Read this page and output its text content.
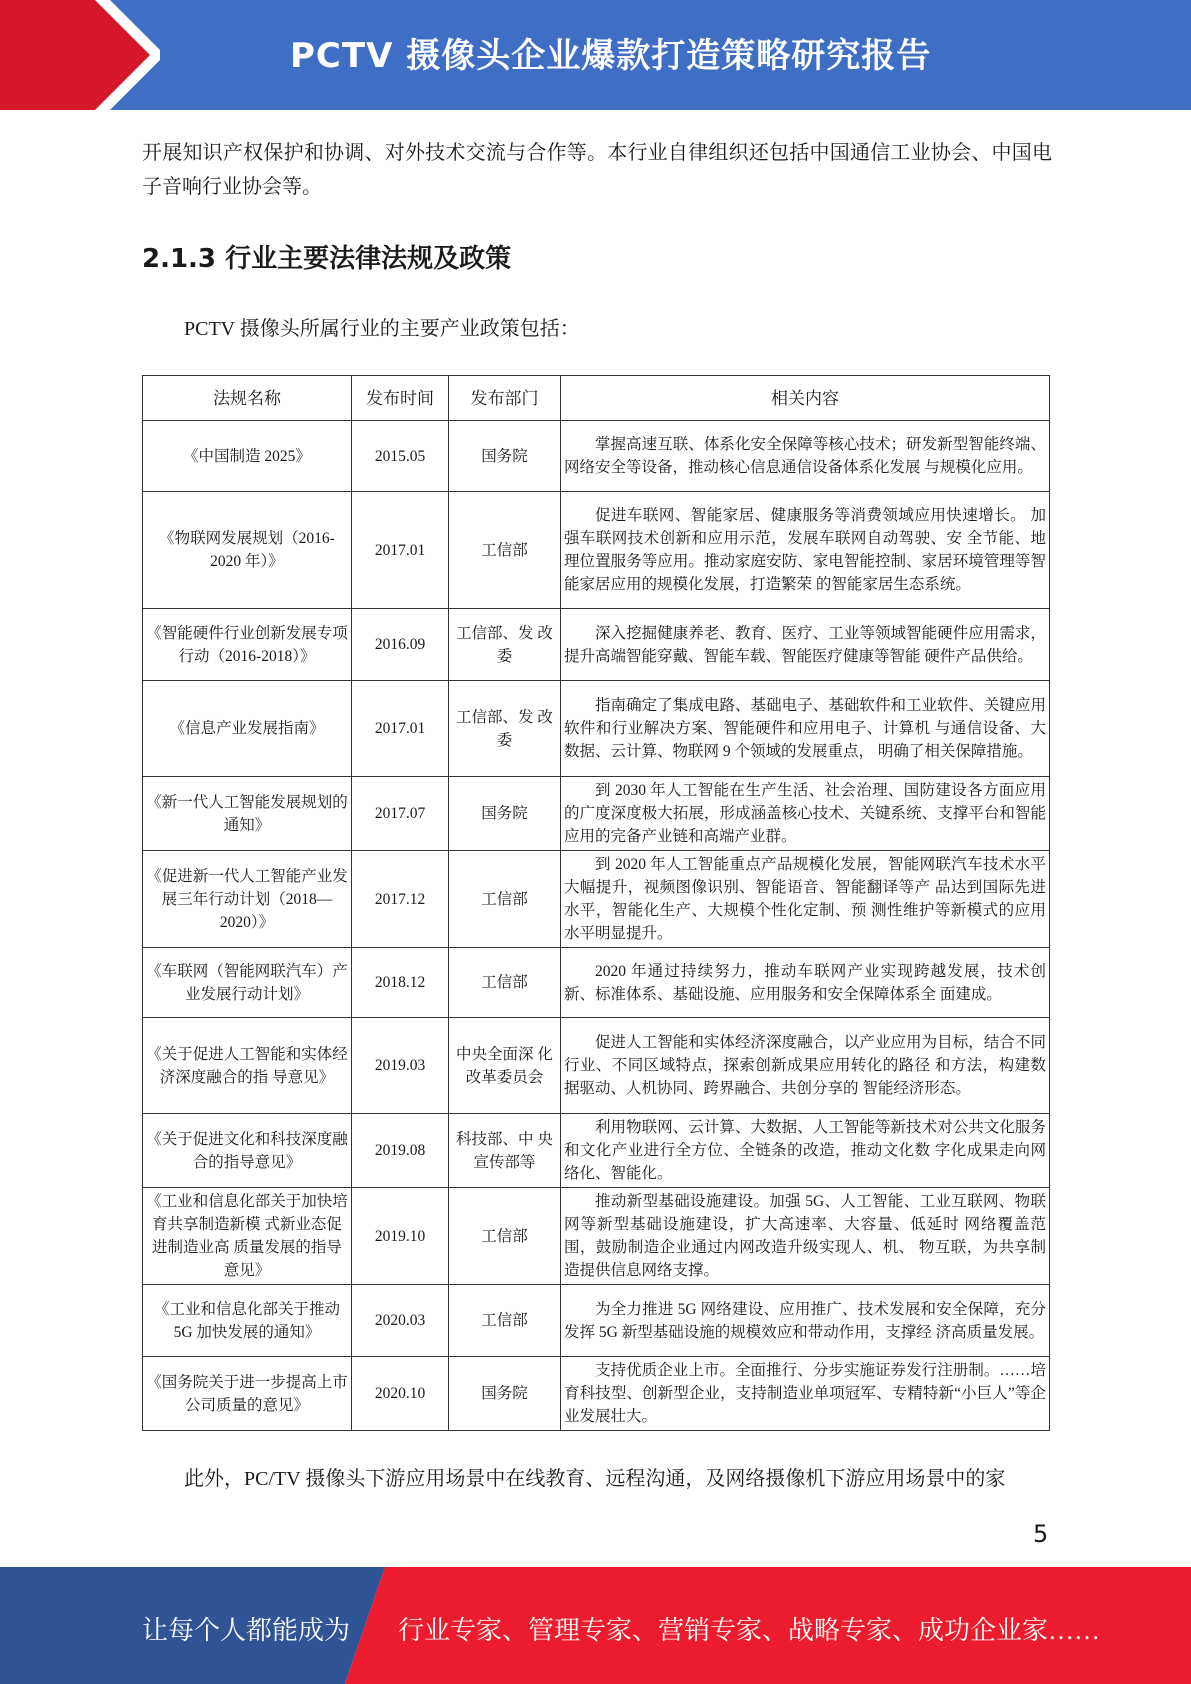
PCTV 摄像头企业爆款打造策略研究报告
开展知识产权保护和协调、对外技术交流与合作等。本行业自律组织还包括中国通信工业协会、中国电子音响行业协会等。
2.1.3 行业主要法律法规及政策
PCTV 摄像头所属行业的主要产业政策包括：
法规名称	发布时间	发布部门	相关内容
《中国制造 2025》	2015.05	国务院	掌握高速互联、体系化安全保障等核心技术；研发新型智能终端、网络安全等设备，推动核心信息通信设备体系化发展 与规模化应用。
《物联网发展规划（2016-2020 年）》	2017.01	工信部	促进车联网、智能家居、健康服务等消费领域应用快速增长。 加强车联网技术创新和应用示范，发展车联网自动驾驶、安 全节能、地理位置服务等应用。推动家庭安防、家电智能控制、家居环境管理等智能家居应用的规模化发展，打造繁荣 的智能家居生态系统。
《智能硬件行业创新发展专项行动（2016-2018）》	2016.09	工信部、发 改委	深入挖掘健康养老、教育、医疗、工业等领域智能硬件应用需求，提升高端智能穿戴、智能车载、智能医疗健康等智能 硬件产品供给。
《信息产业发展指南》	2017.01	工信部、发 改委	指南确定了集成电路、基础电子、基础软件和工业软件、关键应用软件和行业解决方案、智能硬件和应用电子、计算机 与通信设备、大数据、云计算、物联网 9 个领域的发展重点， 明确了相关保障措施。
《新一代人工智能发展规划的通知》	2017.07	国务院	到 2030 年人工智能在生产生活、社会治理、国防建设各方面应用的广度深度极大拓展，形成涵盖核心技术、关键系统、支撑平台和智能应用的完备产业链和高端产业群。
《促进新一代人工智能产业发展三年行动计划（2018—2020）》	2017.12	工信部	到 2020 年人工智能重点产品规模化发展，智能网联汽车技术水平大幅提升，视频图像识别、智能语音、智能翻译等产 品达到国际先进水平，智能化生产、大规模个性化定制、预 测性维护等新模式的应用水平明显提升。
《车联网（智能网联汽车）产业发展行动计划》	2018.12	工信部	2020 年通过持续努力，推动车联网产业实现跨越发展，技术创新、标准体系、基础设施、应用服务和安全保障体系全 面建成。
《关于促进人工智能和实体经济深度融合的指 导意见》	2019.03	中央全面深 化改革委员会	促进人工智能和实体经济深度融合，以产业应用为目标，结合不同行业、不同区域特点，探索创新成果应用转化的路径 和方法，构建数据驱动、人机协同、跨界融合、共创分享的 智能经济形态。
《关于促进文化和科技深度融合的指导意见》	2019.08	科技部、中 央宣传部等	利用物联网、云计算、大数据、人工智能等新技术对公共文化服务和文化产业进行全方位、全链条的改造，推动文化数 字化成果走向网络化、智能化。
《工业和信息化部关于加快培育共享制造新模 式新业态促进制造业高 质量发展的指导意见》	2019.10	工信部	推动新型基础设施建设。加强 5G、人工智能、工业互联网、物联网等新型基础设施建设，扩大高速率、大容量、低延时 网络覆盖范围，鼓励制造企业通过内网改造升级实现人、机、 物互联，为共享制造提供信息网络支撑。
《工业和信息化部关于推动 5G 加快发展的通知》	2020.03	工信部	为全力推进 5G 网络建设、应用推广、技术发展和安全保障，充分发挥 5G 新型基础设施的规模效应和带动作用，支撑经 济高质量发展。
《国务院关于进一步提高上市公司质量的意见》	2020.10	国务院	支持优质企业上市。全面推行、分步实施证券发行注册制。……培育科技型、创新型企业，支持制造业单项冠军、专精特新“小巨人”等企业发展壮大。
此外，PC/TV 摄像头下游应用场景中在线教育、远程沟通，及网络摄像机下游应用场景中的家
5
让每个人都能成为 行业专家、管理专家、营销专家、战略专家、成功企业家……
